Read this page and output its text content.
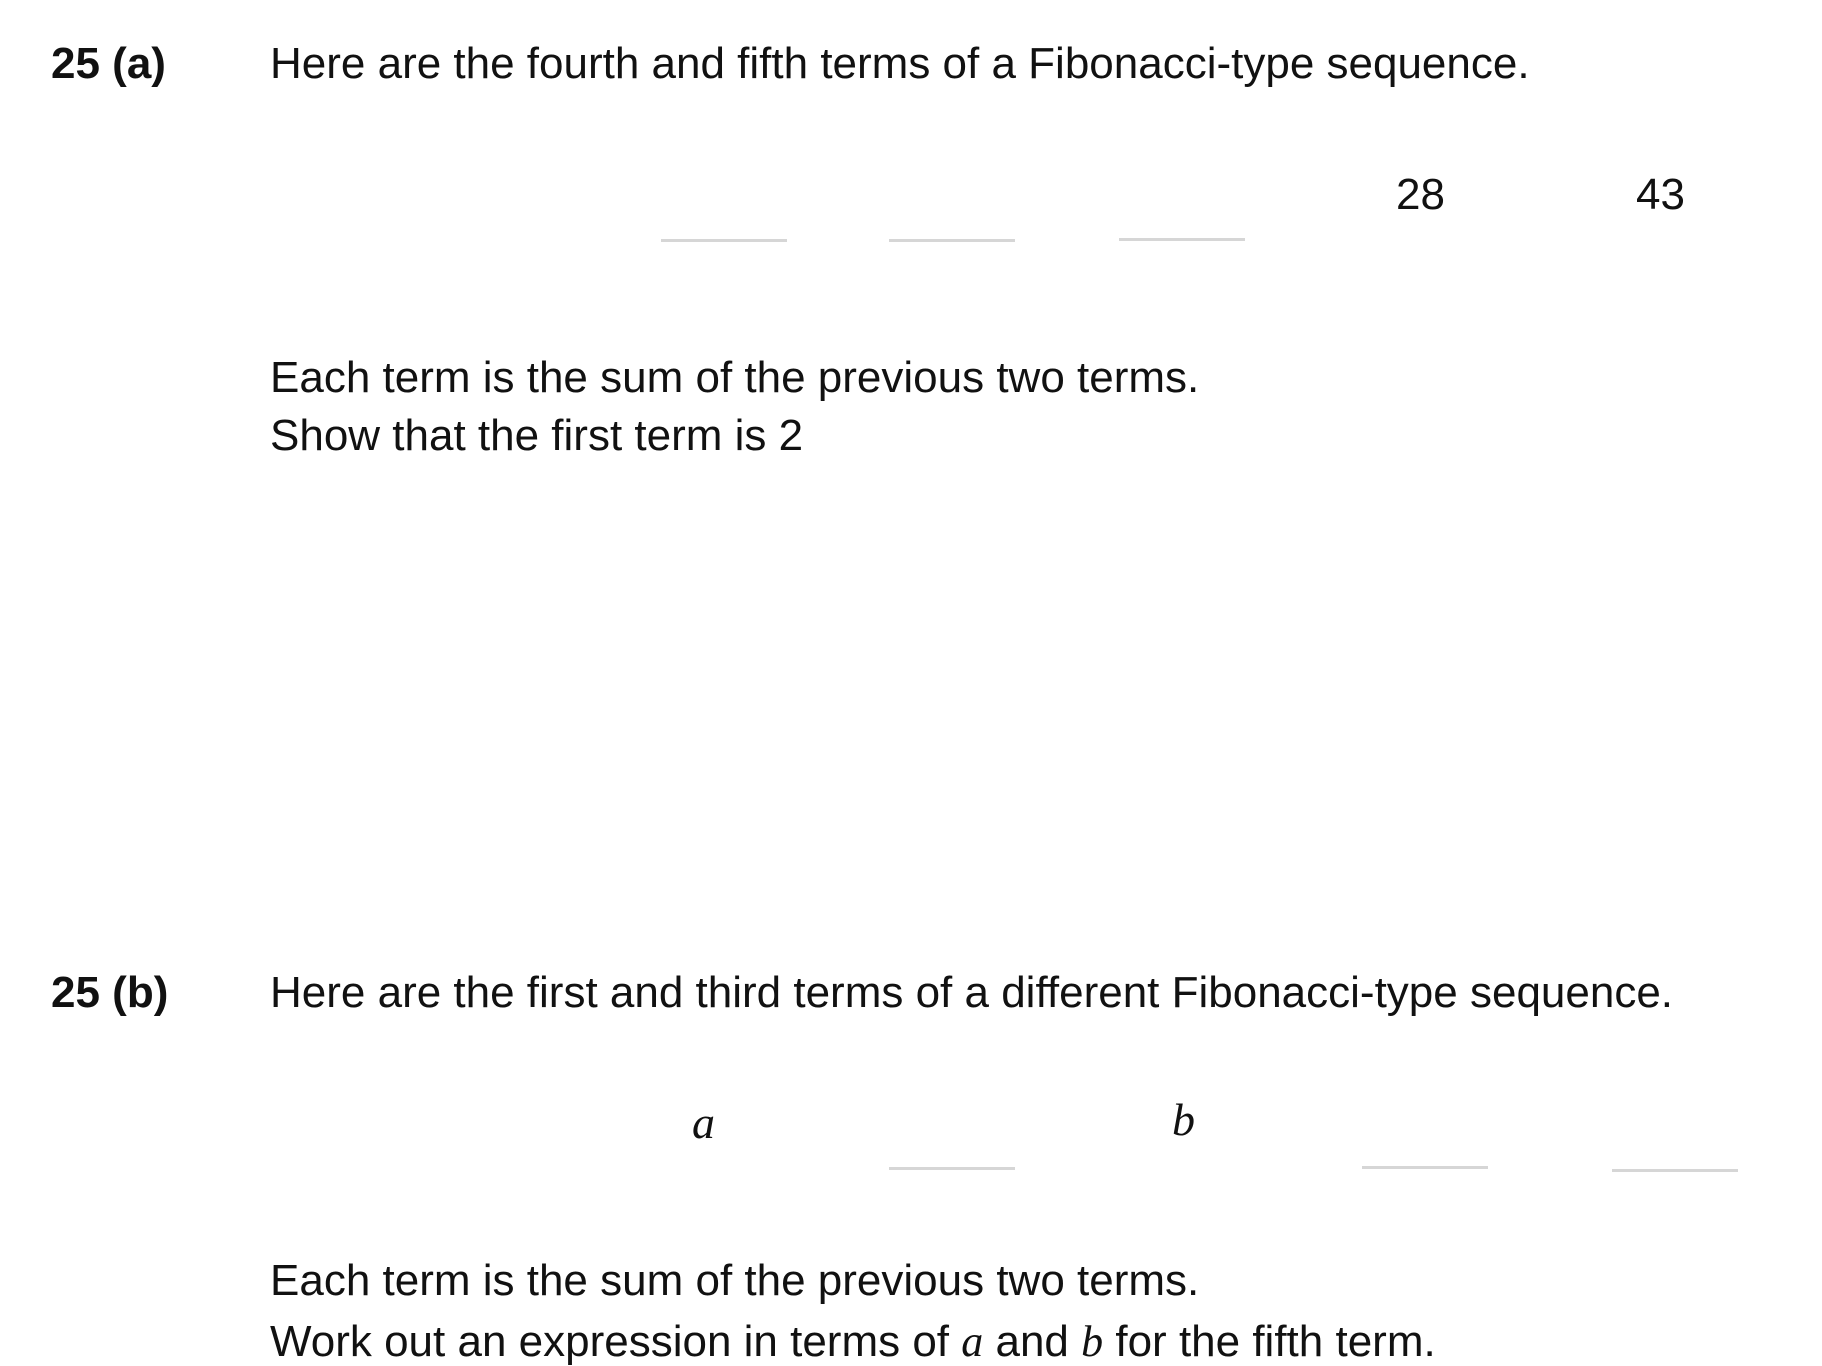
25 (a) Here are the fourth and fifth terms of a Fibonacci-type sequence.
28	43
Each term is the sum of the previous two terms.
Show that the first term is 2
25 (b) Here are the first and third terms of a different Fibonacci-type sequence.
a	b
Each term is the sum of the previous two terms.
Work out an expression in terms of a and b for the fifth term.
